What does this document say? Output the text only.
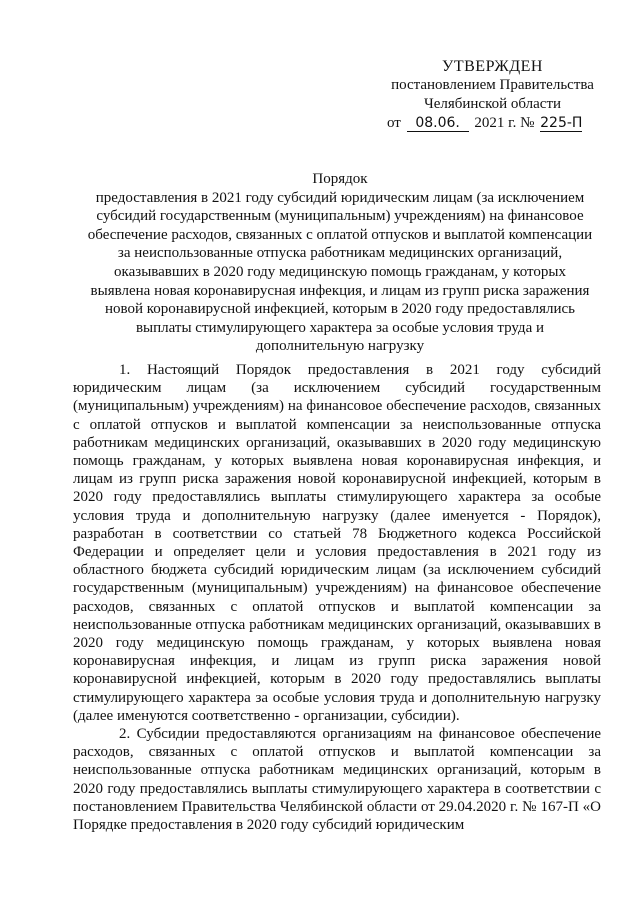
УТВЕРЖДЕН
постановлением Правительства
Челябинской области
от 08.06. 2021 г. № 225-П
Порядок
предоставления в 2021 году субсидий юридическим лицам (за исключением
субсидий государственным (муниципальным) учреждениям) на финансовое
обеспечение расходов, связанных с оплатой отпусков и выплатой компенсации
за неиспользованные отпуска работникам медицинских организаций,
оказывавших в 2020 году медицинскую помощь гражданам, у которых
выявлена новая коронавирусная инфекция, и лицам из групп риска заражения
новой коронавирусной инфекцией, которым в 2020 году предоставлялись
выплаты стимулирующего характера за особые условия труда и
дополнительную нагрузку

1. Настоящий Порядок предоставления в 2021 году субсидий юридическим лицам (за исключением субсидий государственным (муниципальным) учреждениям) на финансовое обеспечение расходов, связанных с оплатой отпусков и выплатой компенсации за неиспользованные отпуска работникам медицинских организаций, оказывавших в 2020 году медицинскую помощь гражданам, у которых выявлена новая коронавирусная инфекция, и лицам из групп риска заражения новой коронавирусной инфекцией, которым в 2020 году предоставлялись выплаты стимулирующего характера за особые условия труда и дополнительную нагрузку (далее именуется - Порядок), разработан в соответствии со статьей 78 Бюджетного кодекса Российской Федерации и определяет цели и условия предоставления в 2021 году из областного бюджета субсидий юридическим лицам (за исключением субсидий государственным (муниципальным) учреждениям) на финансовое обеспечение расходов, связанных с оплатой отпусков и выплатой компенсации за неиспользованные отпуска работникам медицинских организаций, оказывавших в 2020 году медицинскую помощь гражданам, у которых выявлена новая коронавирусная инфекция, и лицам из групп риска заражения новой коронавирусной инфекцией, которым в 2020 году предоставлялись выплаты стимулирующего характера за особые условия труда и дополнительную нагрузку (далее именуются соответственно - организации, субсидии).

2. Субсидии предоставляются организациям на финансовое обеспечение расходов, связанных с оплатой отпусков и выплатой компенсации за неиспользованные отпуска работникам медицинских организаций, которым в 2020 году предоставлялись выплаты стимулирующего характера в соответствии с постановлением Правительства Челябинской области от 29.04.2020 г. № 167-П «О Порядке предоставления в 2020 году субсидий юридическим
